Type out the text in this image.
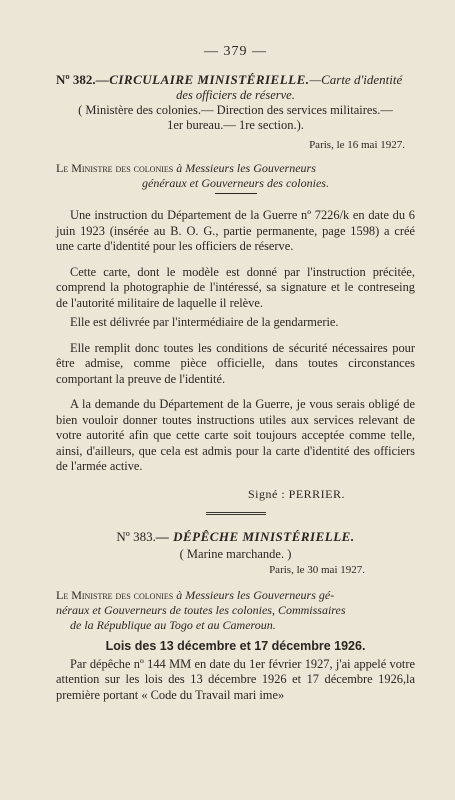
— 379 —
Nº 382.—CIRCULAIRE MINISTÉRIELLE.—Carte d'identité
des officiers de réserve.
( Ministère des colonies.— Direction des services militaires.—
1er bureau.— 1re section.).
Paris, le 16 mai 1927.
Le Ministre des colonies à Messieurs les Gouverneurs

généraux et Gouverneurs des colonies.

Une instruction du Département de la Guerre nº 7226/k en date du 6 juin 1923 (insérée au B. O. G., partie permanente, page 1598) a créé une carte d'identité pour les officiers de réserve.

Cette carte, dont le modèle est donné par l'instruction précitée, comprend la photographie de l'intéressé, sa signature et le contreseing de l'autorité militaire de laquelle il relève.

Elle est délivrée par l'intermédiaire de la gendarmerie.

Elle remplit donc toutes les conditions de sécurité nécessaires pour être admise, comme pièce officielle, dans toutes circonstances comportant la preuve de l'identité.

A la demande du Département de la Guerre, je vous serais obligé de bien vouloir donner toutes instructions utiles aux services relevant de votre autorité afin que cette carte soit toujours acceptée comme telle, ainsi, d'ailleurs, que cela est admis pour la carte d'identité des officiers de l'armée active.

Signé : PERRIER.
Nº 383.— DÉPÊCHE MINISTÉRIELLE.
( Marine marchande. )
Paris, le 30 mai 1927.
Le Ministre des colonies à Messieurs les Gouverneurs gé-
néraux et Gouverneurs de toutes les colonies, Commissaires
de la République au Togo et au Cameroun.
Lois des 13 décembre et 17 décembre 1926.

Par dépêche nº 144 MM en date du 1er février 1927, j'ai appelé votre attention sur les lois des 13 décembre 1926 et 17 décembre 1926,la première portant « Code du Travail mari ime»
